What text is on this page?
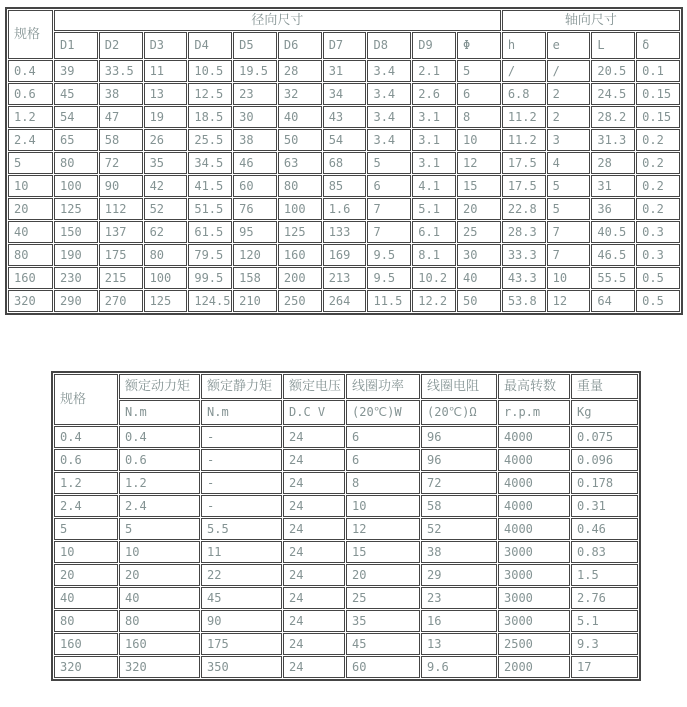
规格	径向尺寸										轴向尺寸			
	D1	D2	D3	D4	D5	D6	D7	D8	D9	Φ	h	e	L	δ
0.4	39	33.5	11	10.5	19.5	28	31	3.4	2.1	5	/	/	20.5	0.1
0.6	45	38	13	12.5	23	32	34	3.4	2.6	6	6.8	2	24.5	0.15
1.2	54	47	19	18.5	30	40	43	3.4	3.1	8	11.2	2	28.2	0.15
2.4	65	58	26	25.5	38	50	54	3.4	3.1	10	11.2	3	31.3	0.2
5	80	72	35	34.5	46	63	68	5	3.1	12	17.5	4	28	0.2
10	100	90	42	41.5	60	80	85	6	4.1	15	17.5	5	31	0.2
20	125	112	52	51.5	76	100	1.6	7	5.1	20	22.8	5	36	0.2
40	150	137	62	61.5	95	125	133	7	6.1	25	28.3	7	40.5	0.3
80	190	175	80	79.5	120	160	169	9.5	8.1	30	33.3	7	46.5	0.3
160	230	215	100	99.5	158	200	213	9.5	10.2	40	43.3	10	55.5	0.5
320	290	270	125	124.5	210	250	264	11.5	12.2	50	53.8	12	64	0.5
规格	额定动力矩	额定静力矩	额定电压	线圈功率	线圈电阻	最高转数	重量
	N.m	N.m	D.C V	(20℃)W	(20℃)Ω	r.p.m	Kg
0.4	0.4	-	24	6	96	4000	0.075
0.6	0.6	-	24	6	96	4000	0.096
1.2	1.2	-	24	8	72	4000	0.178
2.4	2.4	-	24	10	58	4000	0.31
5	5	5.5	24	12	52	4000	0.46
10	10	11	24	15	38	3000	0.83
20	20	22	24	20	29	3000	1.5
40	40	45	24	25	23	3000	2.76
80	80	90	24	35	16	3000	5.1
160	160	175	24	45	13	2500	9.3
320	320	350	24	60	9.6	2000	17
